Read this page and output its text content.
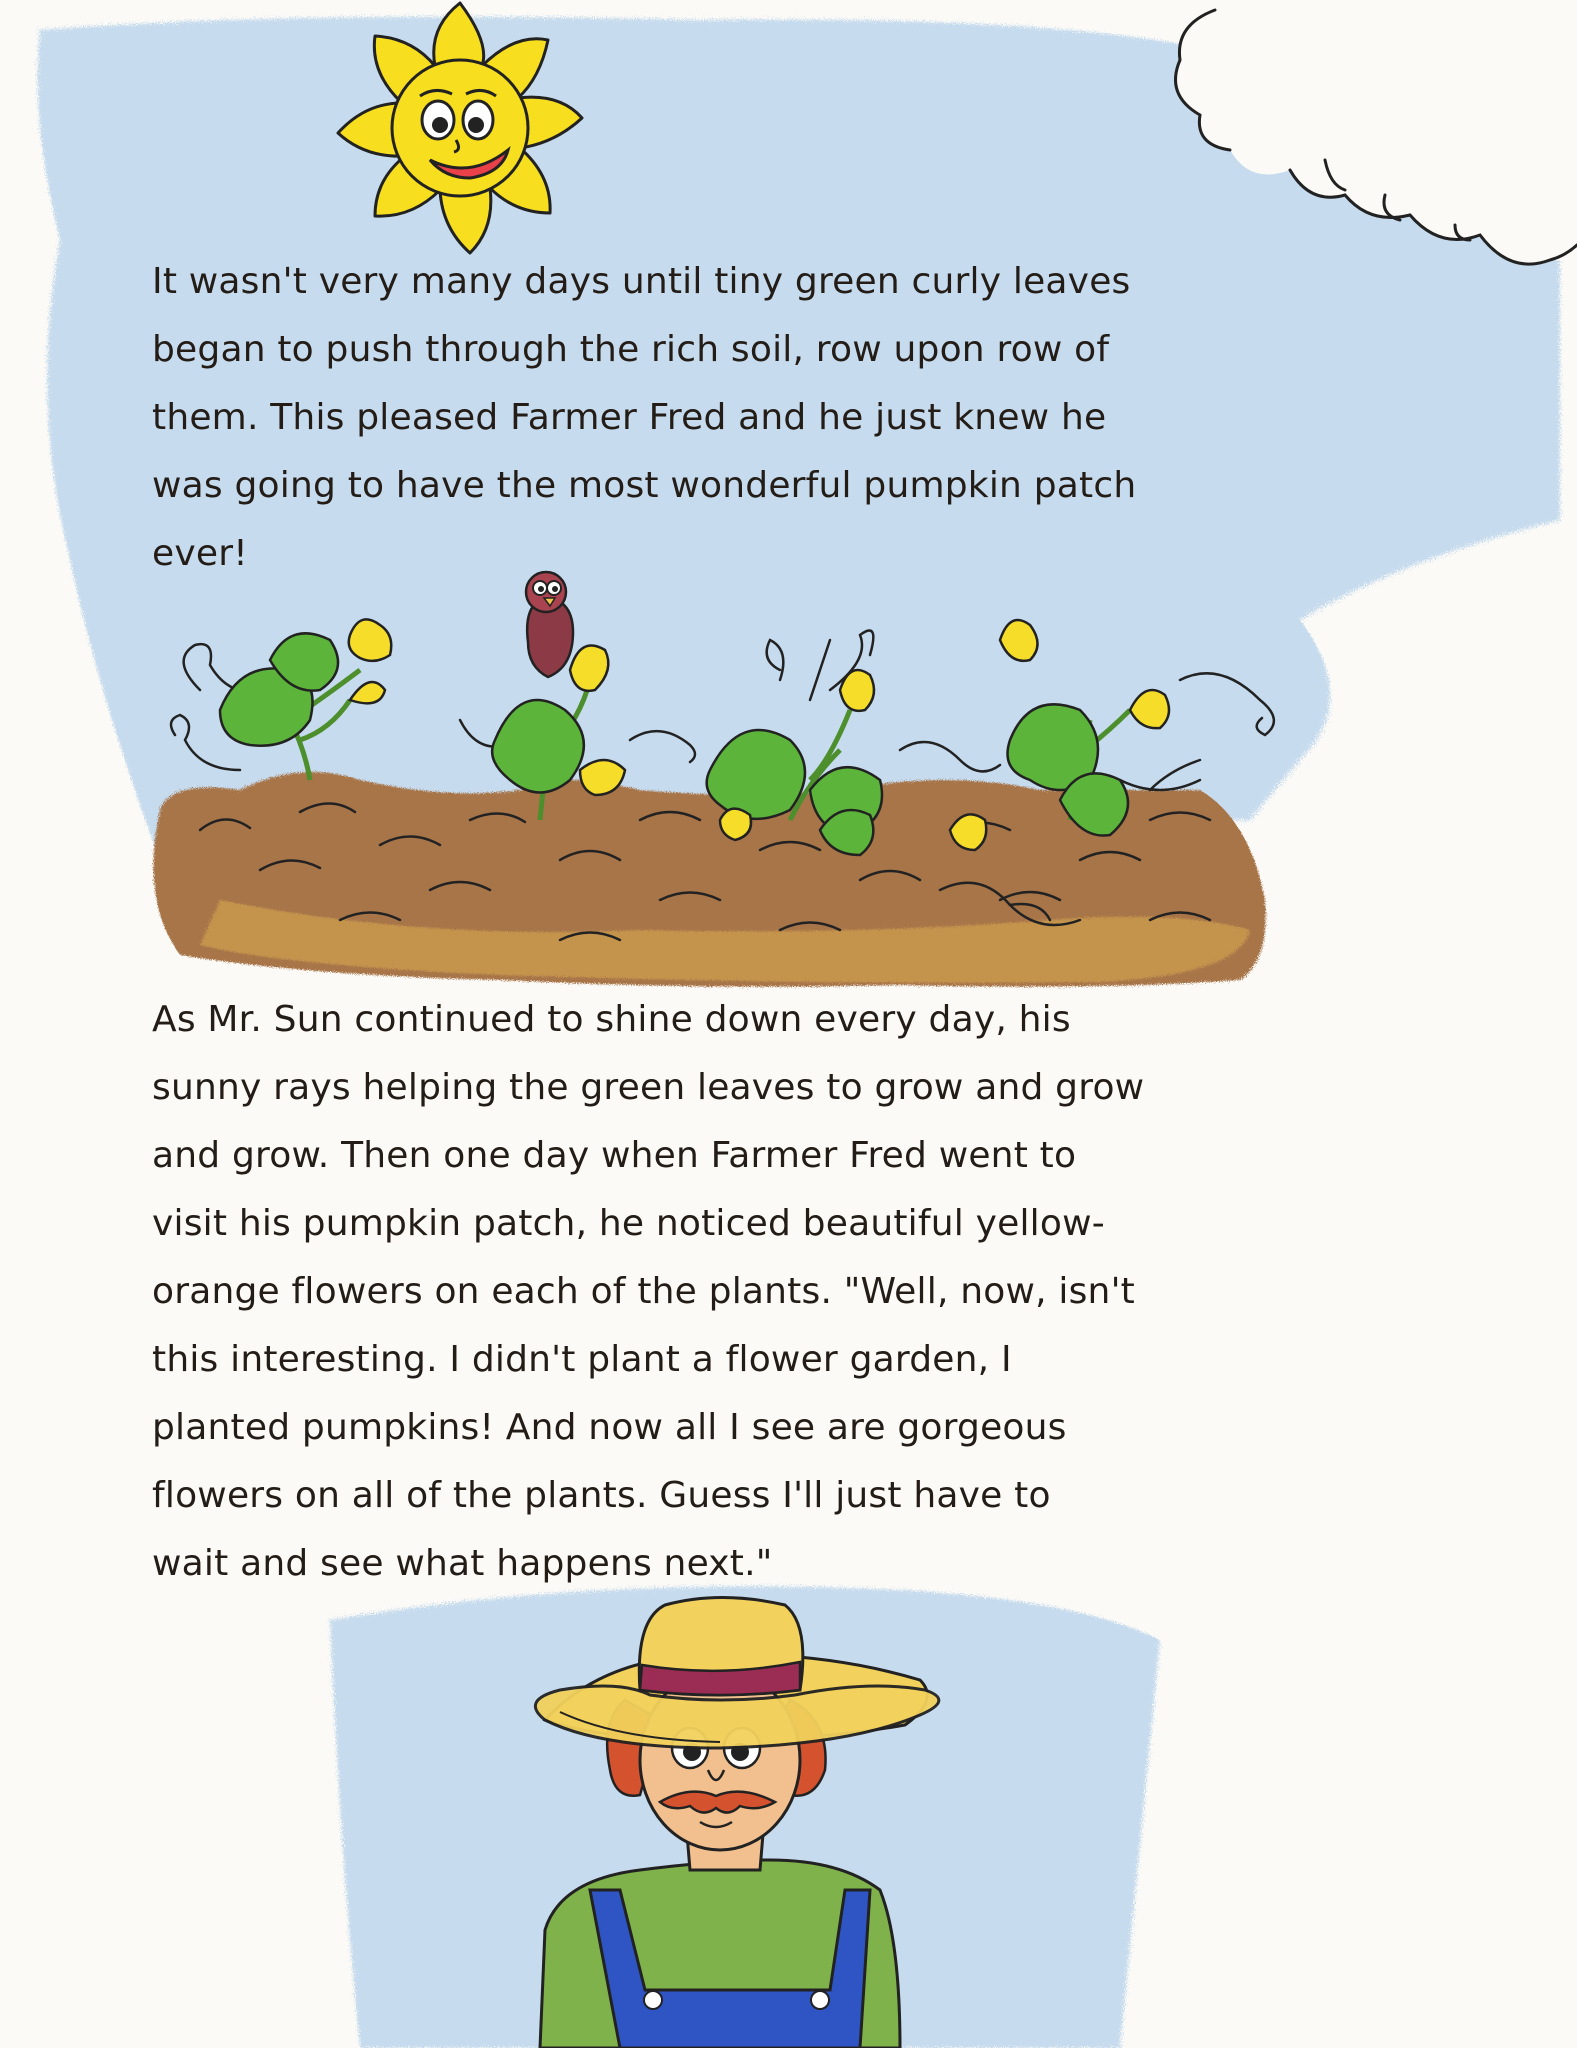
It wasn't very many days until tiny green curly leaves
began to push through the rich soil, row upon row of
them. This pleased Farmer Fred and he just knew he
was going to have the most wonderful pumpkin patch
ever!
As Mr. Sun continued to shine down every day, his
sunny rays helping the green leaves to grow and grow
and grow. Then one day when Farmer Fred went to
visit his pumpkin patch, he noticed beautiful yellow-
orange flowers on each of the plants. "Well, now, isn't
this interesting. I didn't plant a flower garden, I
planted pumpkins! And now all I see are gorgeous
flowers on all of the plants. Guess I'll just have to
wait and see what happens next."
